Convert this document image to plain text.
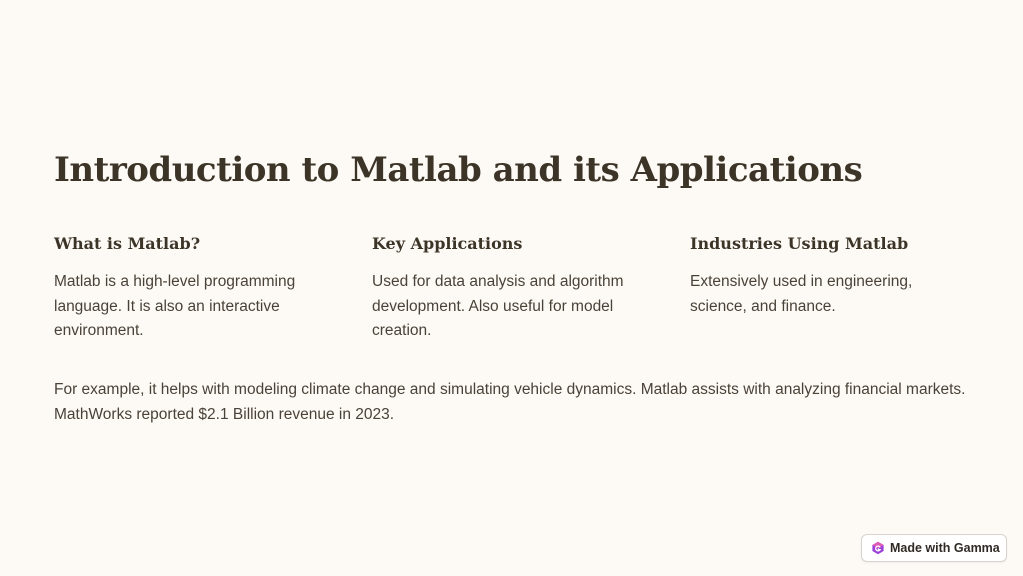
Introduction to Matlab and its Applications
What is Matlab?

Matlab is a high-level programming language. It is also an interactive environment.

Key Applications

Used for data analysis and algorithm development. Also useful for model creation.

Industries Using Matlab

Extensively used in engineering, science, and finance.

For example, it helps with modeling climate change and simulating vehicle dynamics. Matlab assists with analyzing financial markets. MathWorks reported $2.1 Billion revenue in 2023.

Made with Gamma
